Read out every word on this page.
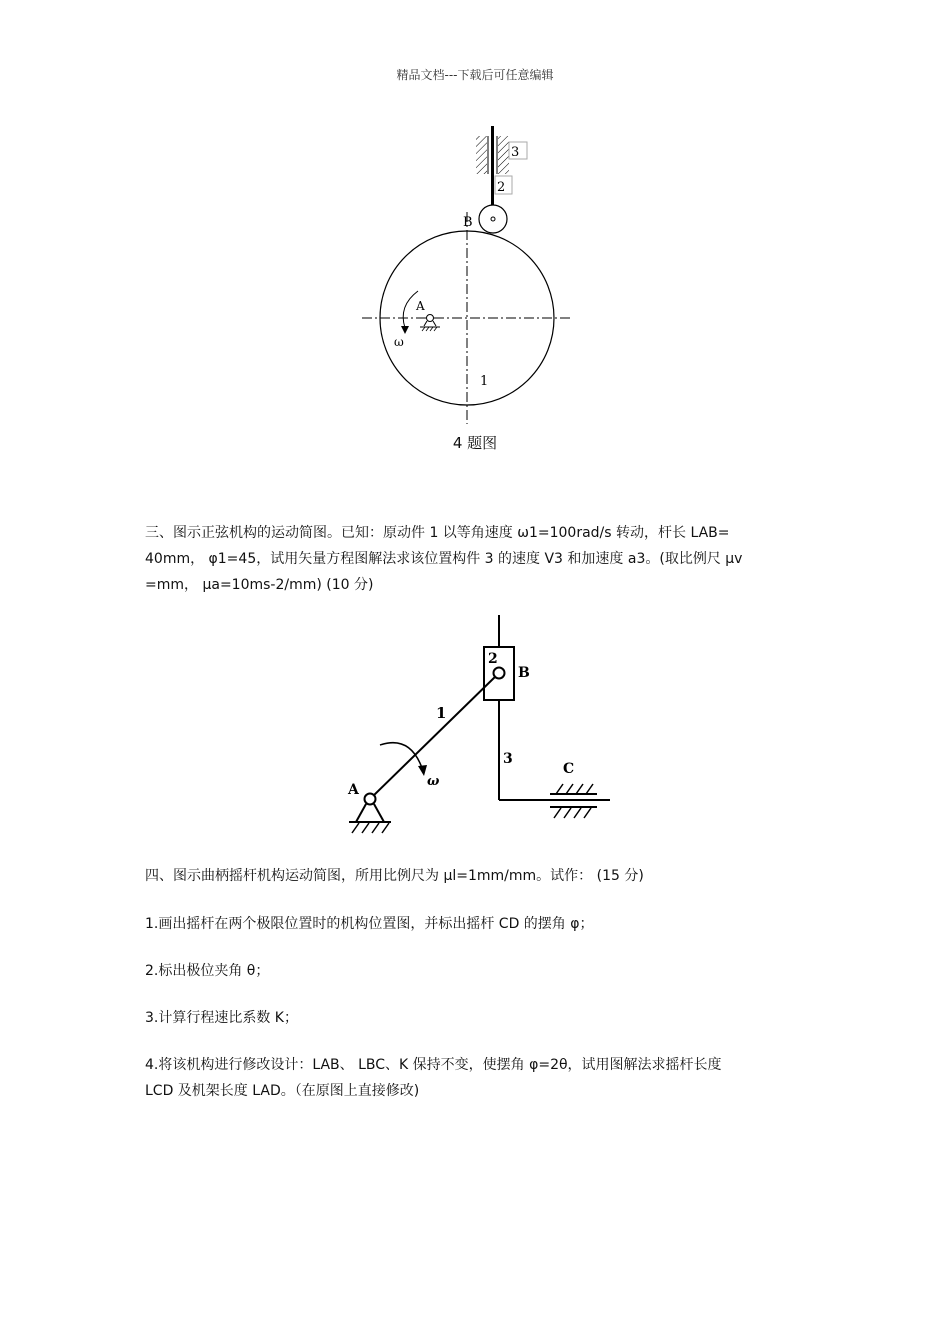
精品文档---下载后可任意编辑
3
2
B
A
ω
1
4 题图
三、图示正弦机构的运动简图。已知：原动件 1 以等角速度 ω1=100rad/s 转动，杆长 LAB=
40mm， φ1=45，试用矢量方程图解法求该位置构件 3 的速度 V3 和加速度 a3。(取比例尺 μv
=mm， μa=10ms-2/mm) (10 分)
2
B
1
3
A
C
ω
四、图示曲柄摇杆机构运动简图，所用比例尺为 μl=1mm/mm。试作： (15 分)
1.画出摇杆在两个极限位置时的机构位置图，并标出摇杆 CD 的摆角 φ；
2.标出极位夹角 θ；
3.计算行程速比系数 K；
4.将该机构进行修改设计：LAB、 LBC、K 保持不变，使摆角 φ=2θ，试用图解法求摇杆长度
LCD 及机架长度 LAD。（在原图上直接修改)
